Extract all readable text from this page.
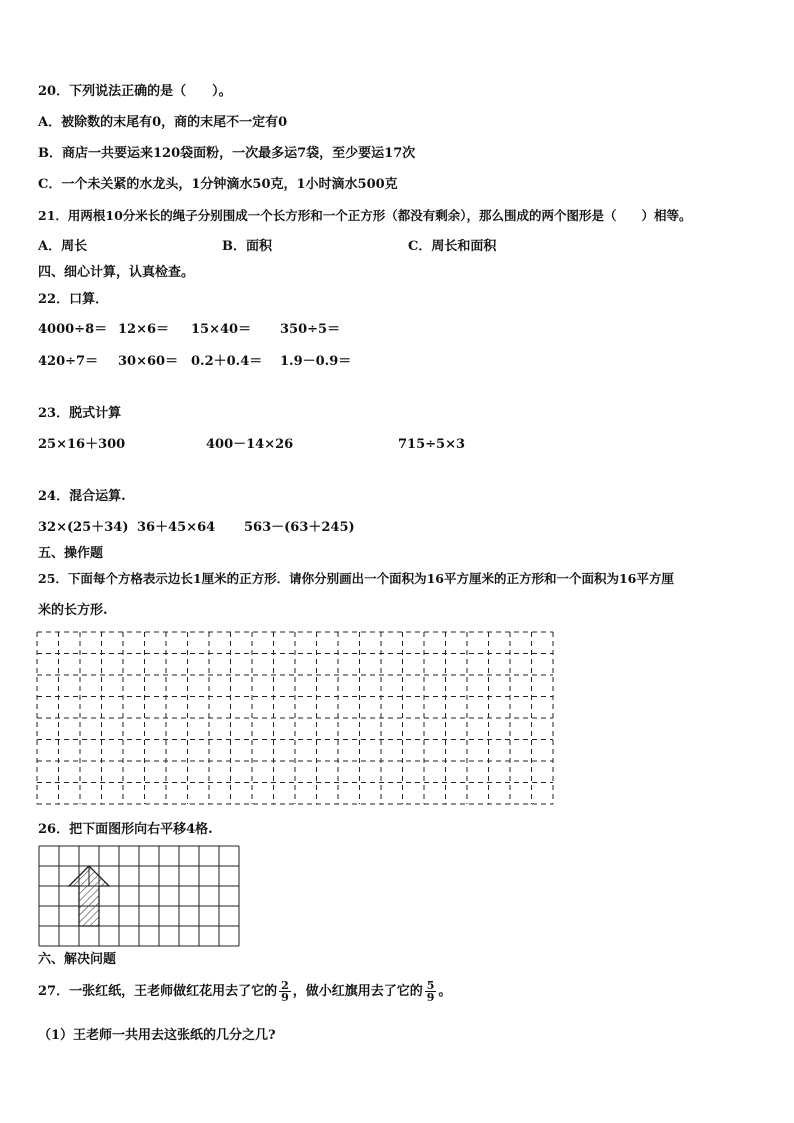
20．下列说法正确的是（　　）。
A．被除数的末尾有0，商的末尾不一定有0
B．商店一共要运来120袋面粉，一次最多运7袋，至少要运17次
C．一个未关紧的水龙头，1分钟滴水50克，1小时滴水500克
21．用两根10分米长的绳子分别围成一个长方形和一个正方形（都没有剩余），那么围成的两个图形是（　　）相等。
A．周长	B．面积	C．周长和面积
四、细心计算，认真检查。
22．口算．
4000÷8＝ 12×6＝ 15×40＝ 350÷5＝
420÷7＝ 30×60＝ 0.2＋0.4＝ 1.9－0.9＝
23．脱式计算
25×16＋300	400－14×26	715÷5×3
24．混合运算.
32×(25＋34) 36＋45×64 563－(63＋245)
五、操作题
25．下面每个方格表示边长1厘米的正方形．请你分别画出一个面积为16平方厘米的正方形和一个面积为16平方厘
米的长方形.
26．把下面图形向右平移4格.
六、解决问题
27．一张红纸，王老师做红花用去了它的 $\frac{2}{9}$ ，做小红旗用去了它的 $\frac{5}{9}$ 。
（1）王老师一共用去这张纸的几分之几?
